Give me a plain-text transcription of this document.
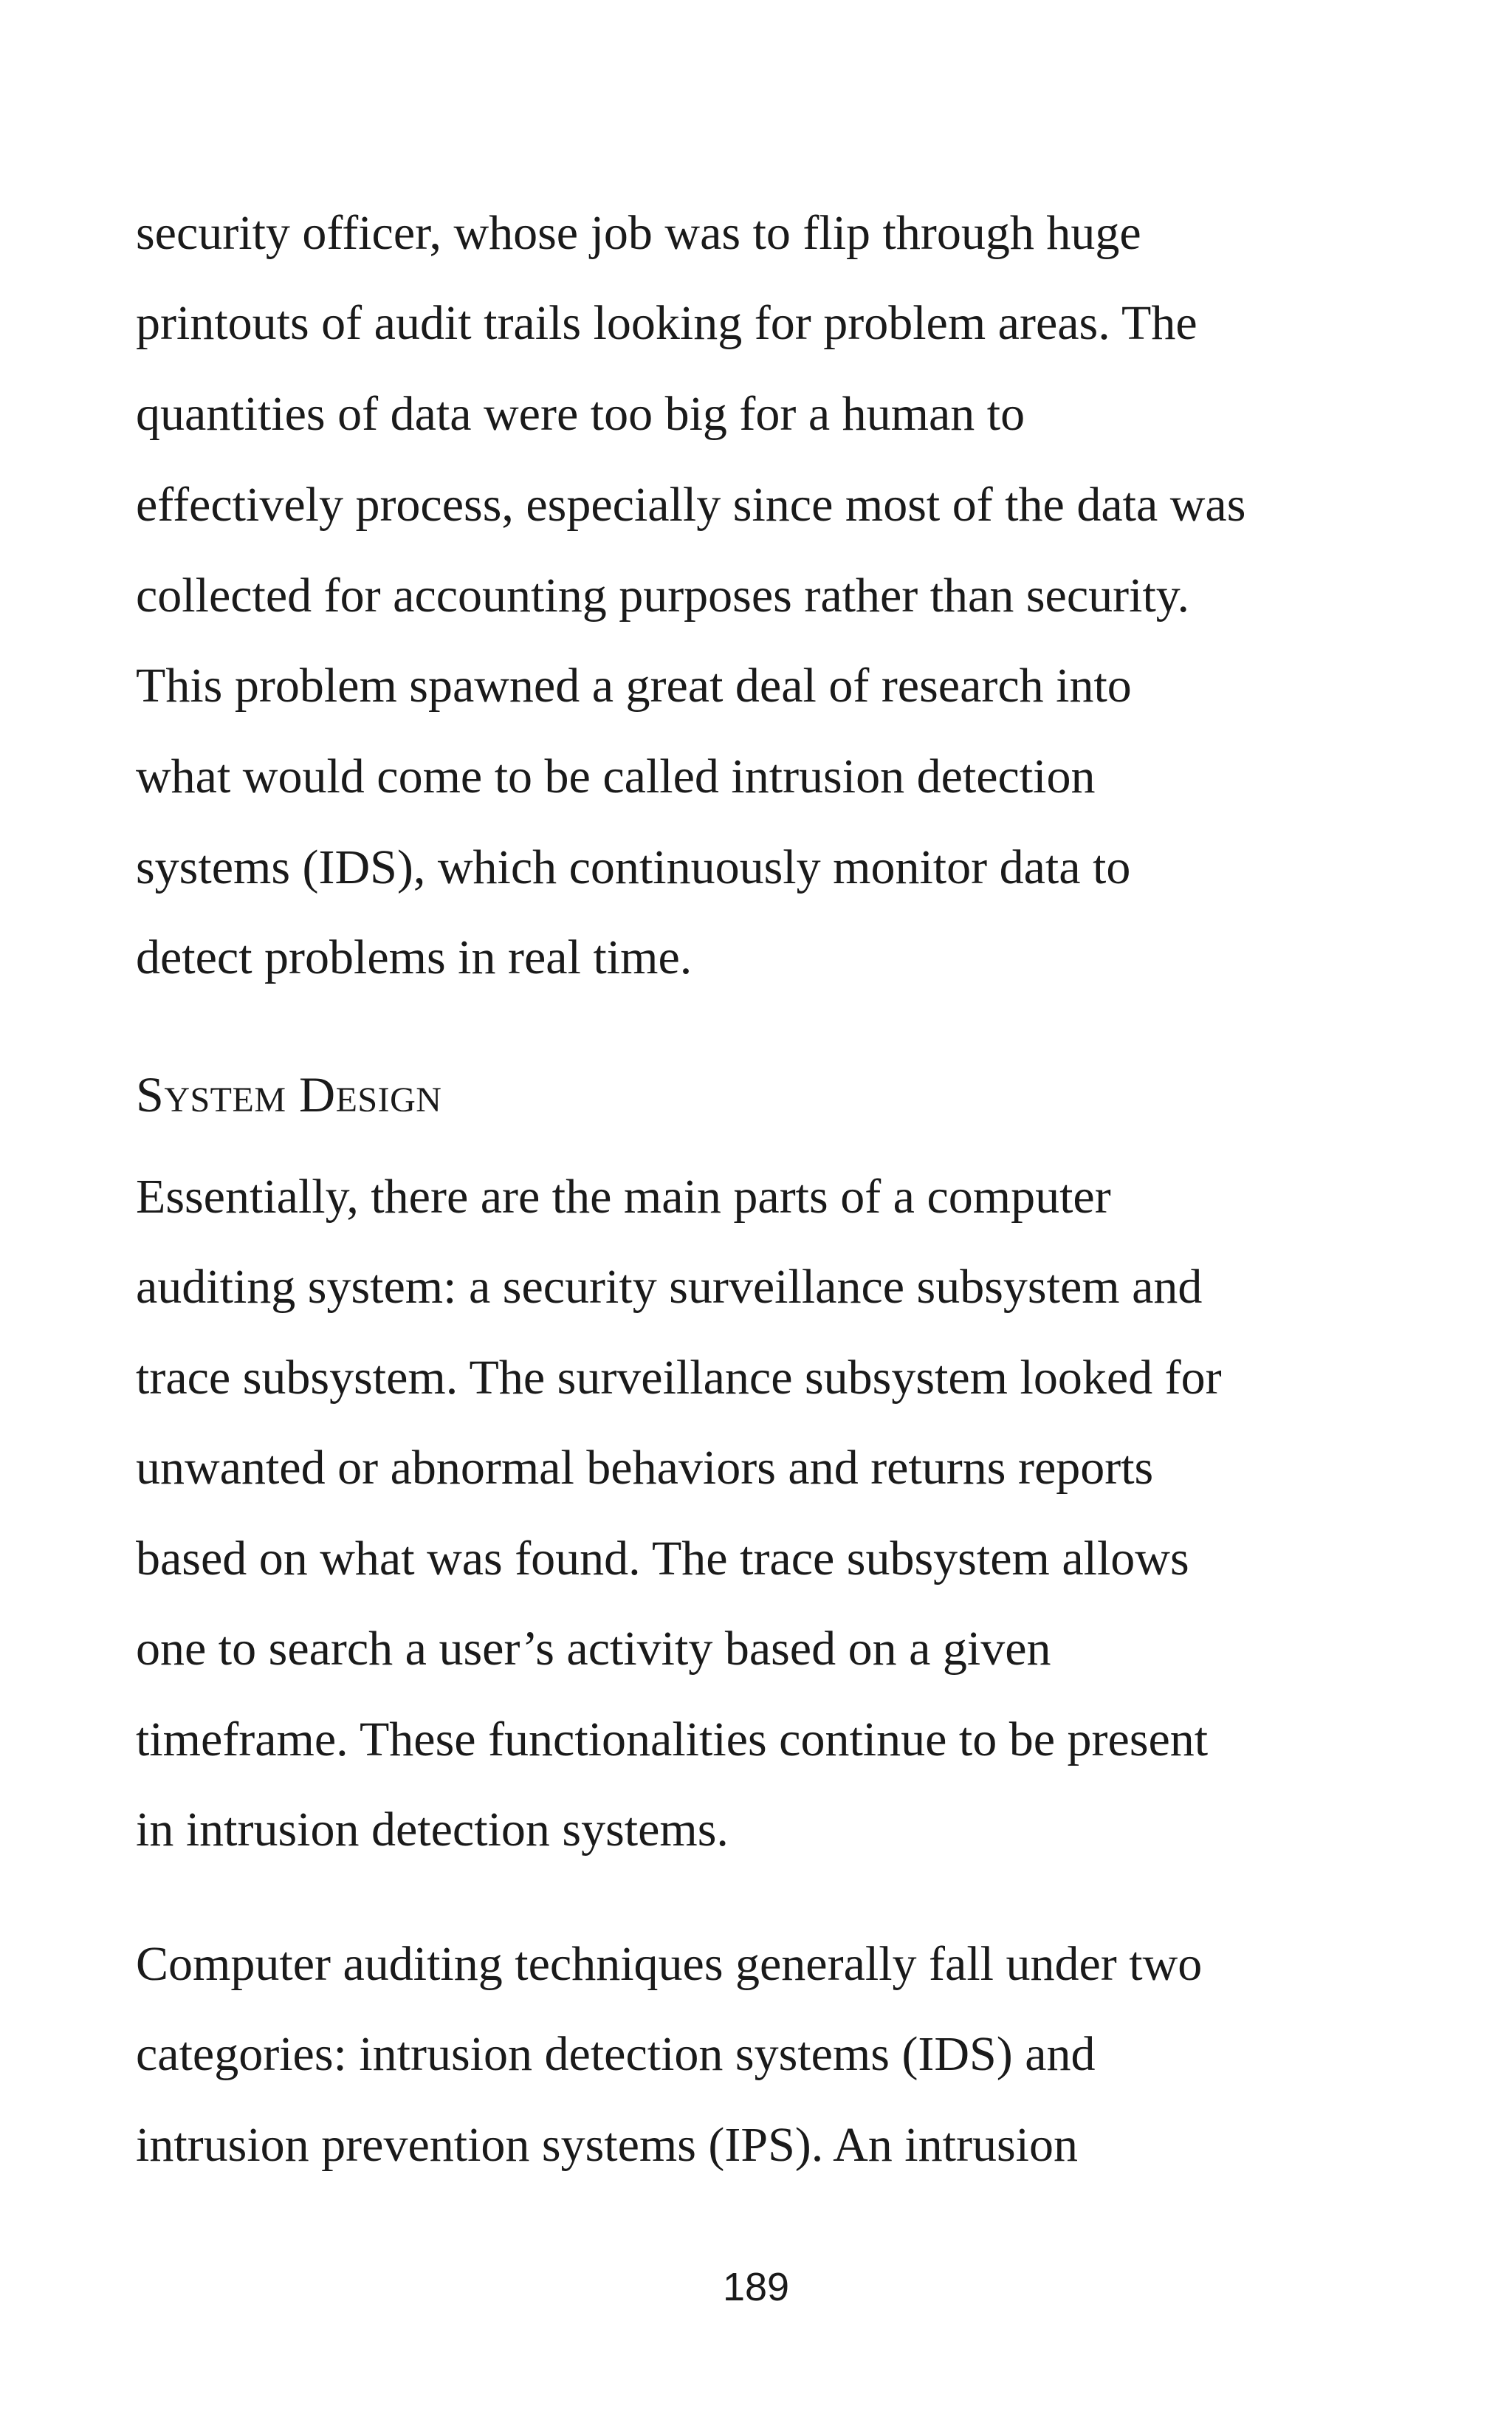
security officer, whose job was to flip through huge
printouts of audit trails looking for problem areas. The
quantities of data were too big for a human to
effectively process, especially since most of the data was
collected for accounting purposes rather than security.
This problem spawned a great deal of research into
what would come to be called intrusion detection
systems (IDS), which continuously monitor data to
detect problems in real time.
System Design
Essentially, there are the main parts of a computer
auditing system: a security surveillance subsystem and
trace subsystem. The surveillance subsystem looked for
unwanted or abnormal behaviors and returns reports
based on what was found. The trace subsystem allows
one to search a user’s activity based on a given
timeframe. These functionalities continue to be present
in intrusion detection systems.
Computer auditing techniques generally fall under two
categories: intrusion detection systems (IDS) and
intrusion prevention systems (IPS). An intrusion
189
